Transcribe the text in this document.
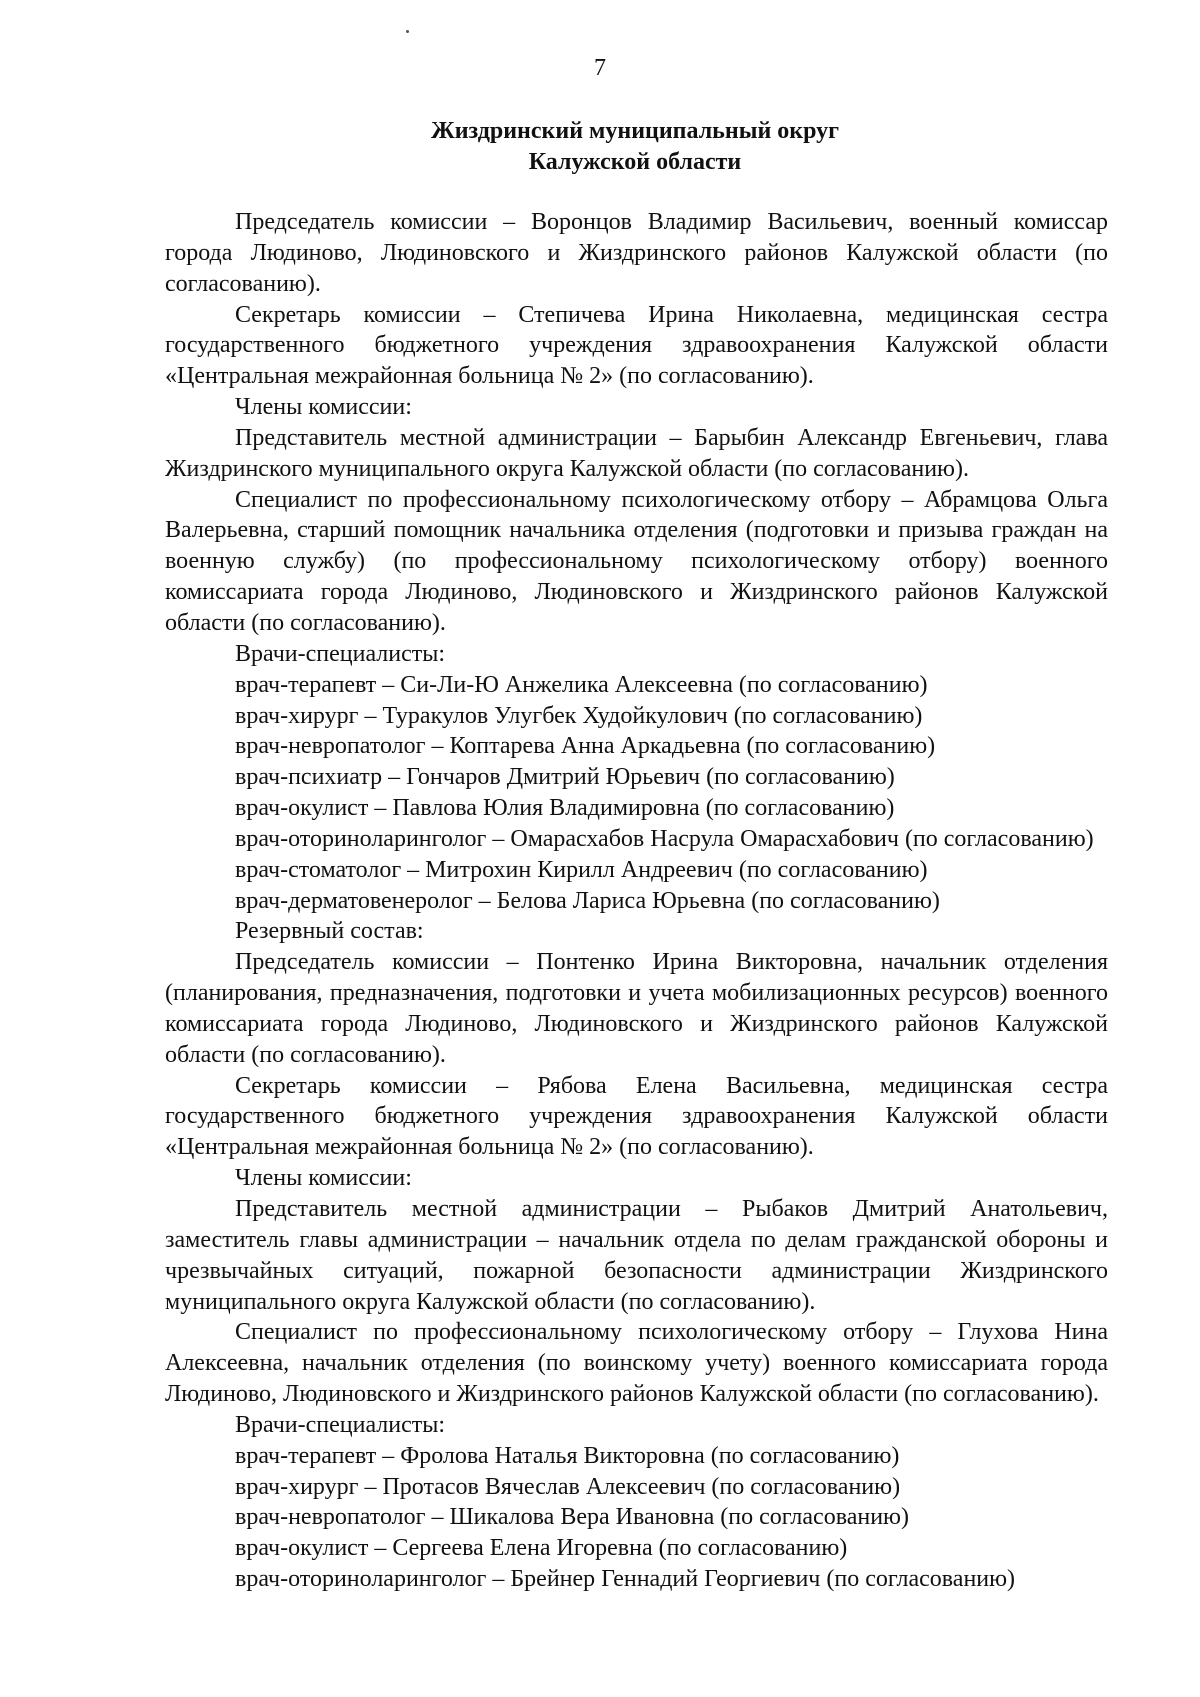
7
Жиздринский муниципальный округ
Калужской области

Председатель комиссии – Воронцов Владимир Васильевич, военный комиссар города Людиново, Людиновского и Жиздринского районов Калужской области (по согласованию).

Секретарь комиссии – Степичева Ирина Николаевна, медицинская сестра государственного бюджетного учреждения здравоохранения Калужской области «Центральная межрайонная больница № 2» (по согласованию).

Члены комиссии:

Представитель местной администрации – Барыбин Александр Евгеньевич, глава Жиздринского муниципального округа Калужской области (по согласованию).

Специалист по профессиональному психологическому отбору – Абрамцова Ольга Валерьевна, старший помощник начальника отделения (подготовки и призыва граждан на военную службу) (по профессиональному психологическому отбору) военного комиссариата города Людиново, Людиновского и Жиздринского районов Калужской области (по согласованию).

Врачи-специалисты:

врач-терапевт – Си-Ли-Ю Анжелика Алексеевна (по согласованию)

врач-хирург – Туракулов Улугбек Худойкулович (по согласованию)

врач-невропатолог – Коптарева Анна Аркадьевна (по согласованию)

врач-психиатр – Гончаров Дмитрий Юрьевич (по согласованию)

врач-окулист – Павлова Юлия Владимировна (по согласованию)

врач-оториноларинголог – Омарасхабов Насрула Омарасхабович (по согласованию)

врач-стоматолог – Митрохин Кирилл Андреевич (по согласованию)

врач-дерматовенеролог – Белова Лариса Юрьевна (по согласованию)

Резервный состав:

Председатель комиссии – Понтенко Ирина Викторовна, начальник отделения (планирования, предназначения, подготовки и учета мобилизационных ресурсов) военного комиссариата города Людиново, Людиновского и Жиздринского районов Калужской области (по согласованию).

Секретарь комиссии – Рябова Елена Васильевна, медицинская сестра государственного бюджетного учреждения здравоохранения Калужской области «Центральная межрайонная больница № 2» (по согласованию).

Члены комиссии:

Представитель местной администрации – Рыбаков Дмитрий Анатольевич, заместитель главы администрации – начальник отдела по делам гражданской обороны и чрезвычайных ситуаций, пожарной безопасности администрации Жиздринского муниципального округа Калужской области (по согласованию).

Специалист по профессиональному психологическому отбору – Глухова Нина Алексеевна, начальник отделения (по воинскому учету) военного комиссариата города Людиново, Людиновского и Жиздринского районов Калужской области (по согласованию).

Врачи-специалисты:

врач-терапевт – Фролова Наталья Викторовна (по согласованию)

врач-хирург – Протасов Вячеслав Алексеевич (по согласованию)

врач-невропатолог – Шикалова Вера Ивановна (по согласованию)

врач-окулист – Сергеева Елена Игоревна (по согласованию)

врач-оториноларинголог – Брейнер Геннадий Георгиевич (по согласованию)
